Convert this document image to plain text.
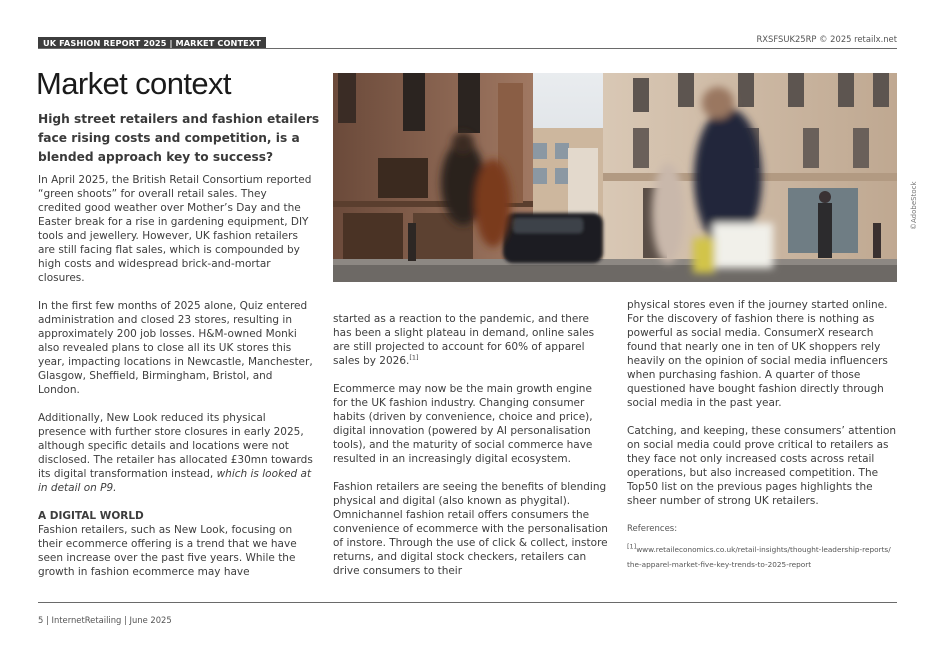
UK FASHION REPORT 2025 | MARKET CONTEXT	RXSFSUK25RP © 2025 retailx.net
Market context
High street retailers and fashion etailers face rising costs and competition, is a blended approach key to success?

In April 2025, the British Retail Consortium reported “green shoots” for overall retail sales. They credited good weather over Mother’s Day and the Easter break for a rise in gardening equipment, DIY tools and jewellery. However, UK fashion retailers are still facing flat sales, which is compounded by high costs and widespread brick-and-mortar closures.

In the first few months of 2025 alone, Quiz entered administration and closed 23 stores, resulting in approximately 200 job losses. H&M-owned Monki also revealed plans to close all its UK stores this year, impacting locations in Newcastle, Manchester, Glasgow, Sheffield, Birmingham, Bristol, and London.

Additionally, New Look reduced its physical presence with further store closures in early 2025, although specific details and locations were not disclosed. The retailer has allocated £30mn towards its digital transformation instead, which is looked at in detail on P9.

A DIGITAL WORLD

Fashion retailers, such as New Look, focusing on their ecommerce offering is a trend that we have seen increase over the past five years. While the growth in fashion ecommerce may have

©AdobeStock

started as a reaction to the pandemic, and there has been a slight plateau in demand, online sales are still projected to account for 60% of apparel sales by 2026.[1]

Ecommerce may now be the main growth engine for the UK fashion industry. Changing consumer habits (driven by convenience, choice and price), digital innovation (powered by AI personalisation tools), and the maturity of social commerce have resulted in an increasingly digital ecosystem.

Fashion retailers are seeing the benefits of blending physical and digital (also known as phygital). Omnichannel fashion retail offers consumers the convenience of ecommerce with the personalisation of instore. Through the use of click & collect, instore returns, and digital stock checkers, retailers can drive consumers to their

physical stores even if the journey started online. For the discovery of fashion there is nothing as powerful as social media. ConsumerX research found that nearly one in ten of UK shoppers rely heavily on the opinion of social media influencers when purchasing fashion. A quarter of those questioned have bought fashion directly through social media in the past year.

Catching, and keeping, these consumers’ attention on social media could prove critical to retailers as they face not only increased costs across retail operations, but also increased competition. The Top50 list on the previous pages highlights the sheer number of strong UK retailers.

References:
[1]www.retaileconomics.co.uk/retail-insights/thought-leadership-reports/
the-apparel-market-five-key-trends-to-2025-report
5 | InternetRetailing | June 2025
